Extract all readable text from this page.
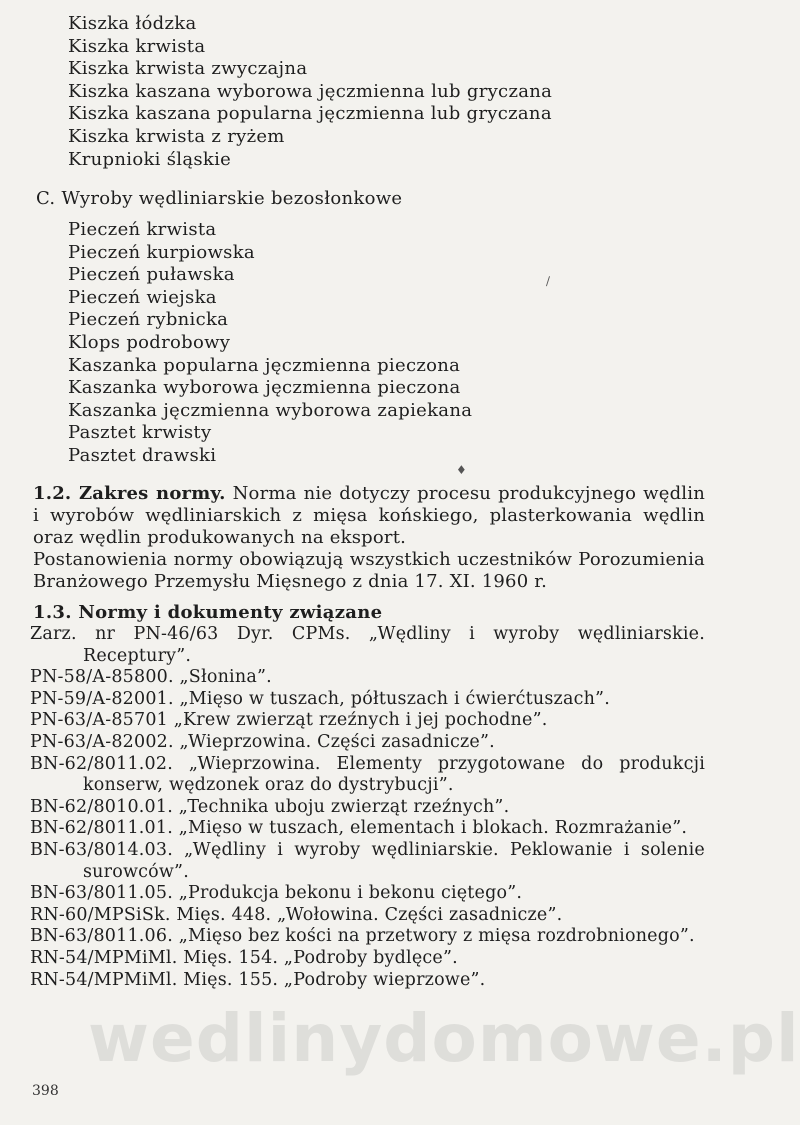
Kiszka łódzka
Kiszka krwista
Kiszka krwista zwyczajna
Kiszka kaszana wyborowa jęczmienna lub gryczana
Kiszka kaszana popularna jęczmienna lub gryczana
Kiszka krwista z ryżem
Krupnioki śląskie
C. Wyroby wędliniarskie bezosłonkowe
\
Pieczeń krwista
Pieczeń kurpiowska
Pieczeń puławska
Pieczeń wiejska
Pieczeń rybnicka
Klops podrobowy
Kaszanka popularna jęczmienna pieczona
Kaszanka wyborowa jęczmienna pieczona
Kaszanka jęczmienna wyborowa zapiekana
Pasztet krwisty
Pasztet drawski
♦

1.2. Zakres normy. Norma nie dotyczy procesu produkcyjnego wędlin i wyrobów wędliniarskich z mięsa końskiego, plasterkowania wędlin oraz wędlin produkowanych na eksport.

Postanowienia normy obowiązują wszystkich uczestników Porozumienia Branżowego Przemysłu Mięsnego z dnia 17. XI. 1960 r.

1.3. Normy i dokumenty związane
Zarz. nr PN-46/63 Dyr. CPMs. „Wędliny i wyroby wędliniarskie. Receptury”.
PN-58/A-85800. „Słonina”.
PN-59/A-82001. „Mięso w tuszach, półtuszach i ćwierćtuszach”.
PN-63/A-85701 „Krew zwierząt rzeźnych i jej pochodne”.
PN-63/A-82002. „Wieprzowina. Części zasadnicze”.
BN-62/8011.02. „Wieprzowina. Elementy przygotowane do produkcji konserw, wędzonek oraz do dystrybucji”.
BN-62/8010.01. „Technika uboju zwierząt rzeźnych”.
BN-62/8011.01. „Mięso w tuszach, elementach i blokach. Rozmrażanie”.
BN-63/8014.03. „Wędliny i wyroby wędliniarskie. Peklowanie i solenie surowców”.
BN-63/8011.05. „Produkcja bekonu i bekonu ciętego”.
RN-60/MPSiSk. Mięs. 448. „Wołowina. Części zasadnicze”.
BN-63/8011.06. „Mięso bez kości na przetwory z mięsa rozdrobnionego”.
RN-54/MPMiMl. Mięs. 154. „Podroby bydlęce”.
RN-54/MPMiMl. Mięs. 155. „Podroby wieprzowe”.
wedlinydomowe.pl
398
